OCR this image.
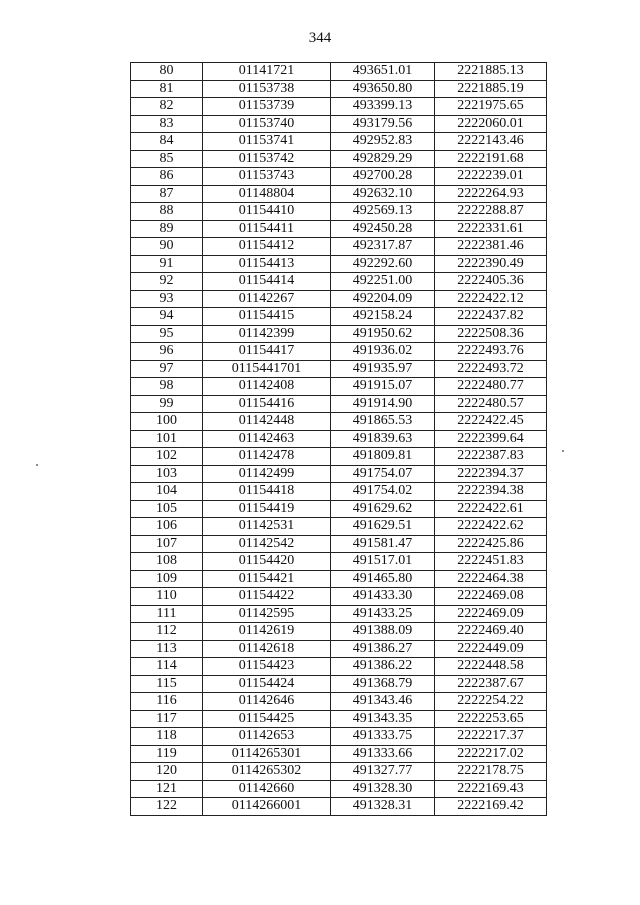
344
80	01141721	493651.01	2221885.13
81	01153738	493650.80	2221885.19
82	01153739	493399.13	2221975.65
83	01153740	493179.56	2222060.01
84	01153741	492952.83	2222143.46
85	01153742	492829.29	2222191.68
86	01153743	492700.28	2222239.01
87	01148804	492632.10	2222264.93
88	01154410	492569.13	2222288.87
89	01154411	492450.28	2222331.61
90	01154412	492317.87	2222381.46
91	01154413	492292.60	2222390.49
92	01154414	492251.00	2222405.36
93	01142267	492204.09	2222422.12
94	01154415	492158.24	2222437.82
95	01142399	491950.62	2222508.36
96	01154417	491936.02	2222493.76
97	0115441701	491935.97	2222493.72
98	01142408	491915.07	2222480.77
99	01154416	491914.90	2222480.57
100	01142448	491865.53	2222422.45
101	01142463	491839.63	2222399.64
102	01142478	491809.81	2222387.83
103	01142499	491754.07	2222394.37
104	01154418	491754.02	2222394.38
105	01154419	491629.62	2222422.61
106	01142531	491629.51	2222422.62
107	01142542	491581.47	2222425.86
108	01154420	491517.01	2222451.83
109	01154421	491465.80	2222464.38
110	01154422	491433.30	2222469.08
111	01142595	491433.25	2222469.09
112	01142619	491388.09	2222469.40
113	01142618	491386.27	2222449.09
114	01154423	491386.22	2222448.58
115	01154424	491368.79	2222387.67
116	01142646	491343.46	2222254.22
117	01154425	491343.35	2222253.65
118	01142653	491333.75	2222217.37
119	0114265301	491333.66	2222217.02
120	0114265302	491327.77	2222178.75
121	01142660	491328.30	2222169.43
122	0114266001	491328.31	2222169.42
